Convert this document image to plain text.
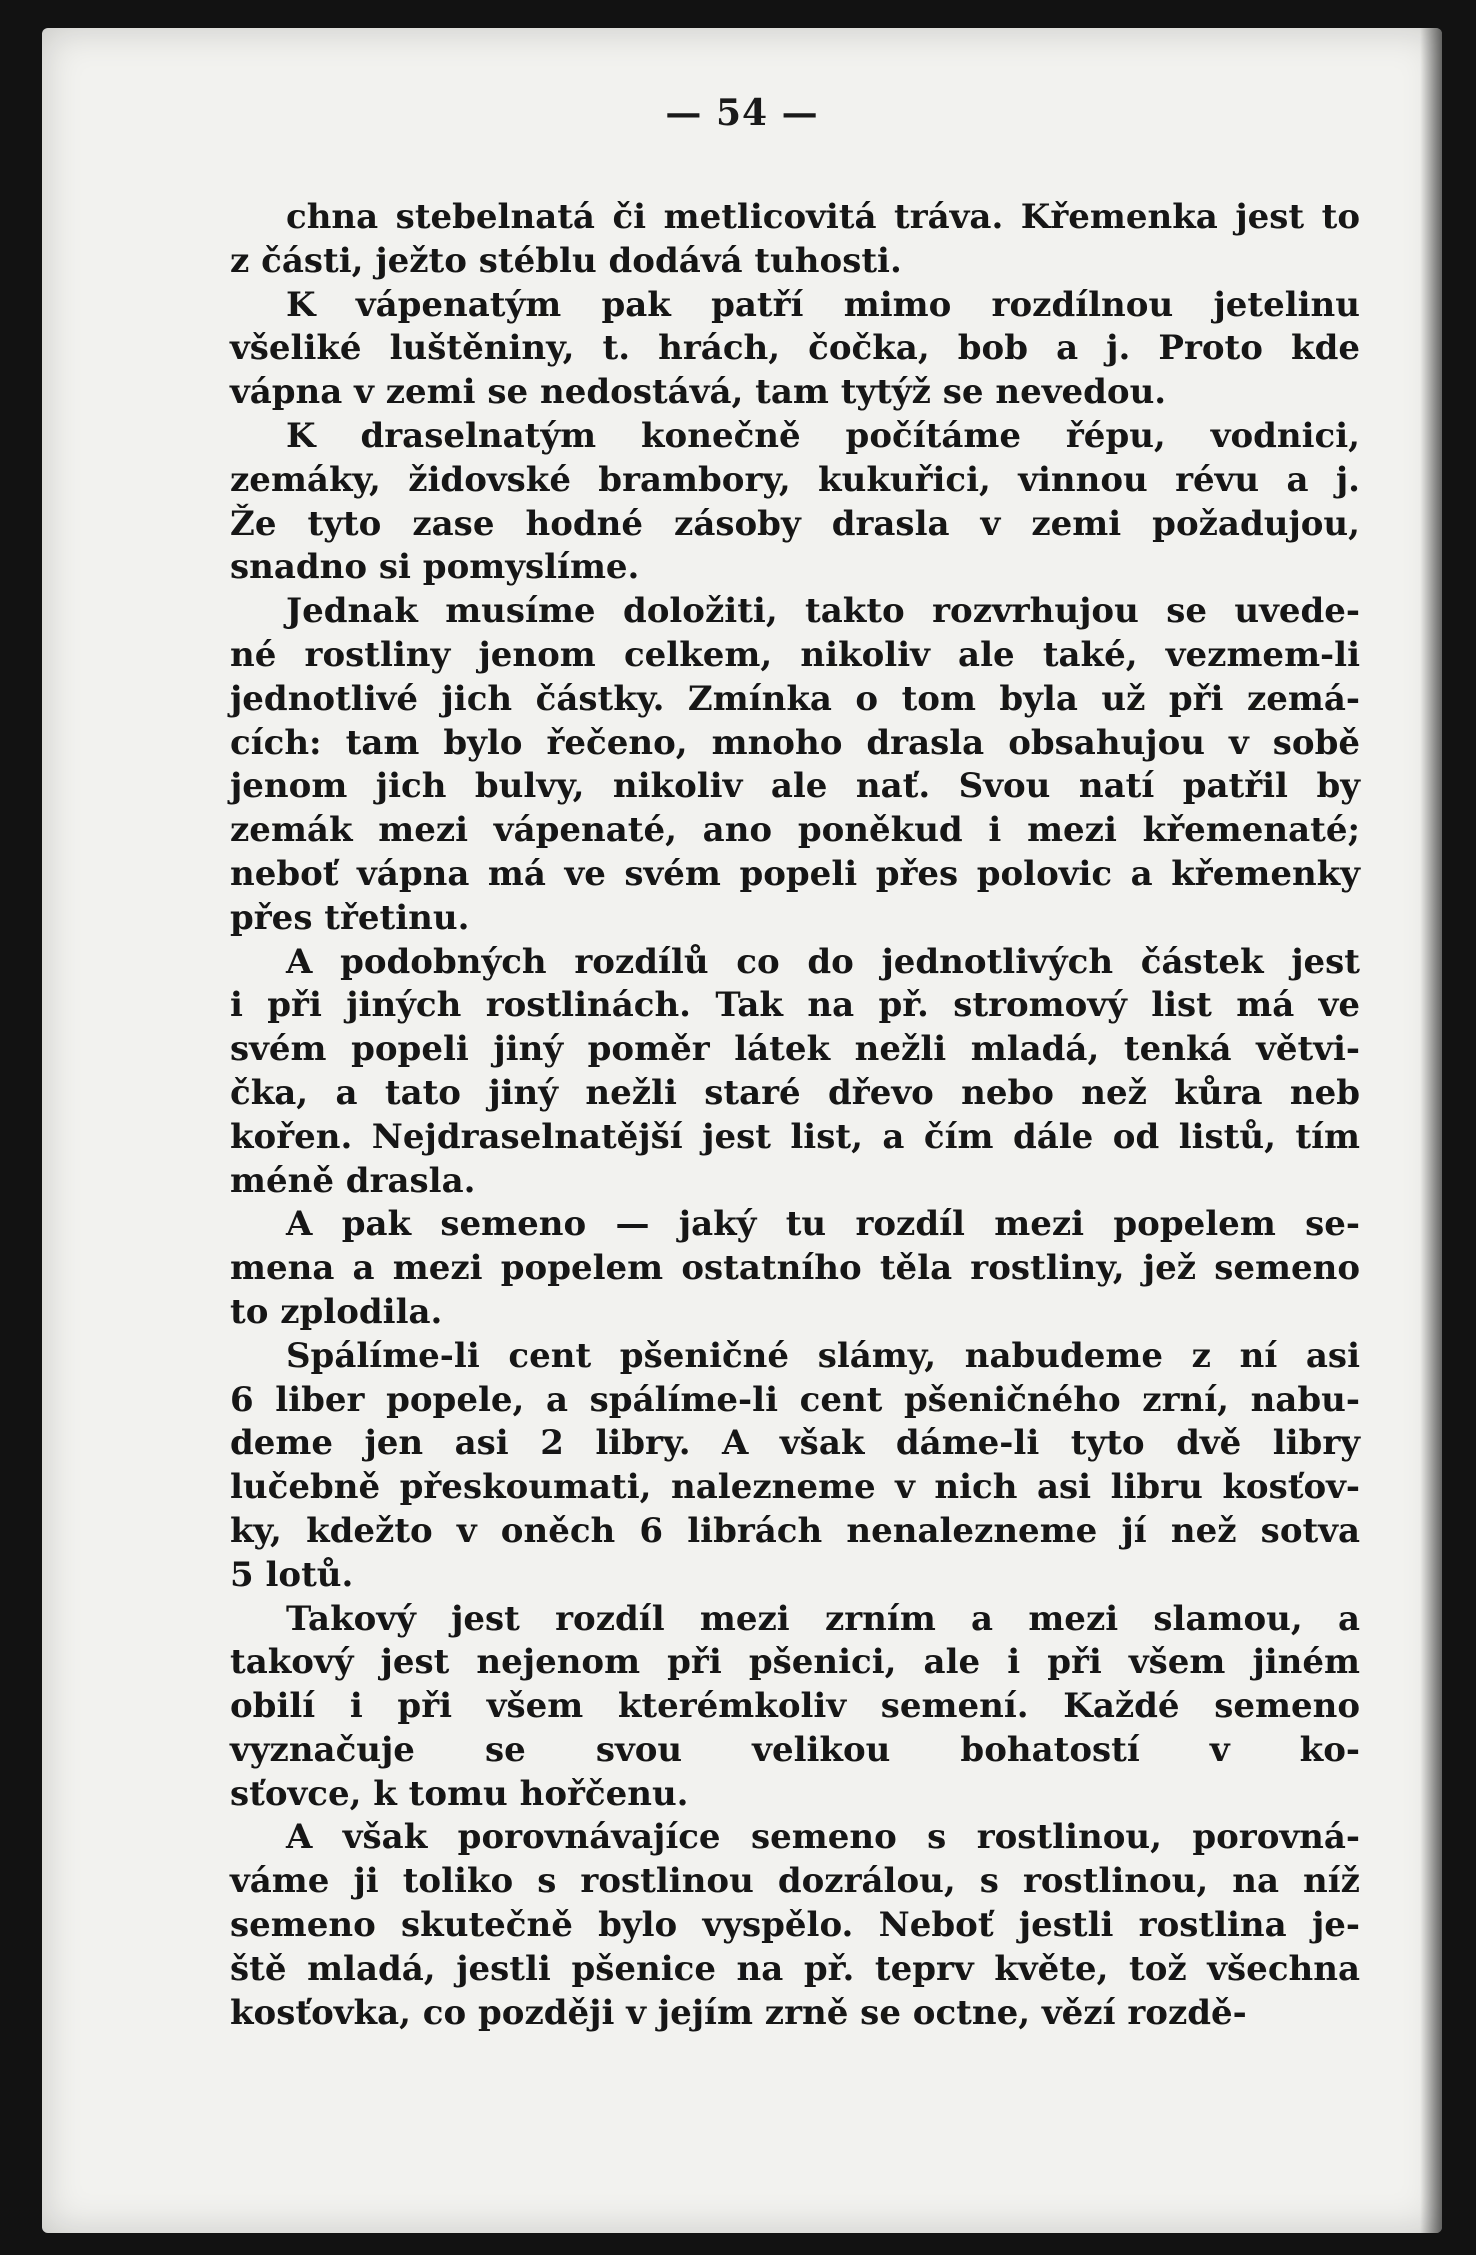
— 54 —
chna stebelnatá či metlicovitá tráva. Křemenka jest to
z části, ježto stéblu dodává tuhosti.
K vápenatým pak patří mimo rozdílnou jetelinu
všeliké luštěniny, t. hrách, čočka, bob a j. Proto kde
vápna v zemi se nedostává, tam tytýž se nevedou.
K draselnatým konečně počítáme řépu, vodnici,
zemáky, židovské brambory, kukuřici, vinnou révu a j.
Že tyto zase hodné zásoby drasla v zemi požadujou,
snadno si pomyslíme.
Jednak musíme doložiti, takto rozvrhujou se uvede-
né rostliny jenom celkem, nikoliv ale také, vezmem-li
jednotlivé jich částky. Zmínka o tom byla už při zemá-
cích: tam bylo řečeno, mnoho drasla obsahujou v sobě
jenom jich bulvy, nikoliv ale nať. Svou natí patřil by
zemák mezi vápenaté, ano poněkud i mezi křemenaté;
neboť vápna má ve svém popeli přes polovic a křemenky
přes třetinu.
A podobných rozdílů co do jednotlivých částek jest
i při jiných rostlinách. Tak na př. stromový list má ve
svém popeli jiný poměr látek nežli mladá, tenká větvi-
čka, a tato jiný nežli staré dřevo nebo než kůra neb
kořen. Nejdraselnatější jest list, a čím dále od listů, tím
méně drasla.
A pak semeno — jaký tu rozdíl mezi popelem se-
mena a mezi popelem ostatního těla rostliny, jež semeno
to zplodila.
Spálíme-li cent pšeničné slámy, nabudeme z ní asi
6 liber popele, a spálíme-li cent pšeničného zrní, nabu-
deme jen asi 2 libry. A však dáme-li tyto dvě libry
lučebně přeskoumati, nalezneme v nich asi libru kosťov-
ky, kdežto v oněch 6 librách nenalezneme jí než sotva
5 lotů.
Takový jest rozdíl mezi zrním a mezi slamou, a
takový jest nejenom při pšenici, ale i při všem jiném
obilí i při všem kterémkoliv semení. Každé semeno
vyznačuje se svou velikou bohatostí v ko-
sťovce, k tomu hořčenu.
A však porovnávajíce semeno s rostlinou, porovná-
váme ji toliko s rostlinou dozrálou, s rostlinou, na níž
semeno skutečně bylo vyspělo. Neboť jestli rostlina je-
ště mladá, jestli pšenice na př. teprv květe, tož všechna
kosťovka, co později v jejím zrně se octne, vězí rozdě-
